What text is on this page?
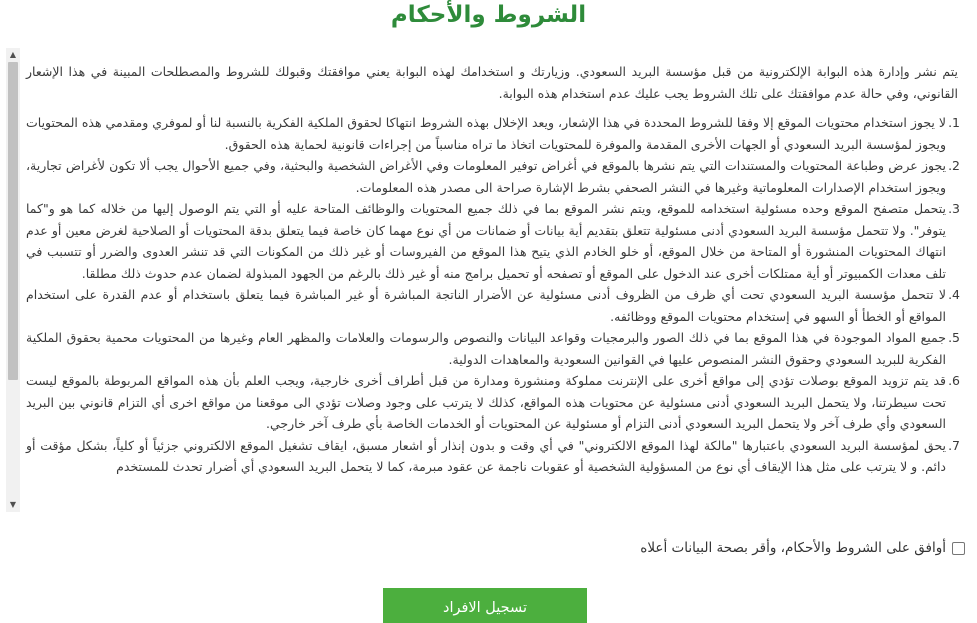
الشروط والأحكام
▲
▼

يتم نشر وإدارة هذه البوابة الإلكترونية من قبل مؤسسة البريد السعودي. وزيارتك و استخدامك لهذه البوابة يعني موافقتك وقبولك للشروط والمصطلحات المبينة في هذا الإشعار القانوني، وفي حالة عدم موافقتك على تلك الشروط يجب عليك عدم استخدام هذه البوابة.

1.
لا يجوز استخدام محتويات الموقع إلا وفقا للشروط المحددة في هذا الإشعار، ويعد الإخلال بهذه الشروط انتهاكا لحقوق الملكية الفكرية بالنسبة لنا أو لموفري ومقدمي هذه المحتويات ويجوز لمؤسسة البريد السعودي أو الجهات الأخرى المقدمة والموفرة للمحتويات اتخاذ ما تراه مناسباً من إجراءات قانونية لحماية هذه الحقوق.
2.
يجوز عرض وطباعة المحتويات والمستندات التي يتم نشرها بالموقع في أغراض توفير المعلومات وفي الأغراض الشخصية والبحثية، وفي جميع الأحوال يجب ألا تكون لأغراض تجارية، ويجوز استخدام الإصدارات المعلوماتية وغيرها في النشر الصحفي بشرط الإشارة صراحة الى مصدر هذه المعلومات.
3.
يتحمل متصفح الموقع وحده مسئولية استخدامه للموقع، ويتم نشر الموقع بما في ذلك جميع المحتويات والوظائف المتاحة عليه أو التي يتم الوصول إليها من خلاله كما هو و"كما يتوفر". ولا تتحمل مؤسسة البريد السعودي أدنى مسئولية تتعلق بتقديم أية بيانات أو ضمانات من أي نوع مهما كان خاصة فيما يتعلق بدقة المحتويات أو الصلاحية لغرض معين أو عدم انتهاك المحتويات المنشورة أو المتاحة من خلال الموقع، أو خلو الخادم الذي يتيح هذا الموقع من الفيروسات أو غير ذلك من المكونات التي قد تنشر العدوى والضرر أو تتسبب في تلف معدات الكمبيوتر أو أية ممتلكات أخرى عند الدخول على الموقع أو تصفحه أو تحميل برامج منه أو غير ذلك بالرغم من الجهود المبذولة لضمان عدم حدوث ذلك مطلقا.
4.
لا تتحمل مؤسسة البريد السعودي تحت أي ظرف من الظروف أدنى مسئولية عن الأضرار الناتجة المباشرة أو غير المباشرة فيما يتعلق باستخدام أو عدم القدرة على استخدام المواقع أو الخطأ أو السهو في إستخدام محتويات الموقع ووظائفه.
5.
جميع المواد الموجودة في هذا الموقع بما في ذلك الصور والبرمجيات وقواعد البيانات والنصوص والرسومات والعلامات والمظهر العام وغيرها من المحتويات محمية بحقوق الملكية الفكرية للبريد السعودي وحقوق النشر المنصوص عليها في القوانين السعودية والمعاهدات الدولية.
6.
قد يتم تزويد الموقع بوصلات تؤدي إلى مواقع أخرى على الإنترنت مملوكة ومنشورة ومدارة من قبل أطراف أخرى خارجية، ويجب العلم بأن هذه المواقع المربوطة بالموقع ليست تحت سيطرتنا، ولا يتحمل البريد السعودي أدنى مسئولية عن محتويات هذه المواقع، كذلك لا يترتب على وجود وصلات تؤدي الى موقعنا من مواقع اخرى أي التزام قانوني بين البريد السعودي وأي طرف آخر ولا يتحمل البريد السعودي أدنى التزام أو مسئولية عن المحتويات أو الخدمات الخاصة بأي طرف آخر خارجي.
7.
يحق لمؤسسة البريد السعودي باعتبارها "مالكة لهذا الموقع الالكتروني" في أي وقت و بدون إنذار أو اشعار مسبق، ايقاف تشغيل الموقع الالكتروني جزئياً أو كلياً، بشكل مؤقت أو دائم. و لا يترتب على مثل هذا الإيقاف أي نوع من المسؤولية الشخصية أو عقوبات ناجمة عن عقود مبرمة، كما لا يتحمل البريد السعودي أي أضرار تحدث للمستخدم
أوافق على الشروط والأحكام، وأقر بصحة البيانات أعلاه
تسجيل الافراد
